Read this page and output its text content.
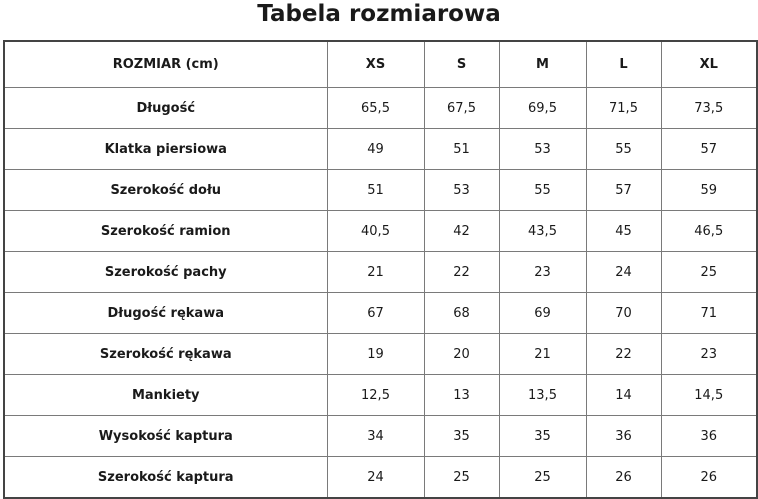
Tabela rozmiarowa
ROZMIAR (cm)	XS	S	M	L	XL
Długość	65,5	67,5	69,5	71,5	73,5
Klatka piersiowa	49	51	53	55	57
Szerokość dołu	51	53	55	57	59
Szerokość ramion	40,5	42	43,5	45	46,5
Szerokość pachy	21	22	23	24	25
Długość rękawa	67	68	69	70	71
Szerokość rękawa	19	20	21	22	23
Mankiety	12,5	13	13,5	14	14,5
Wysokość kaptura	34	35	35	36	36
Szerokość kaptura	24	25	25	26	26
